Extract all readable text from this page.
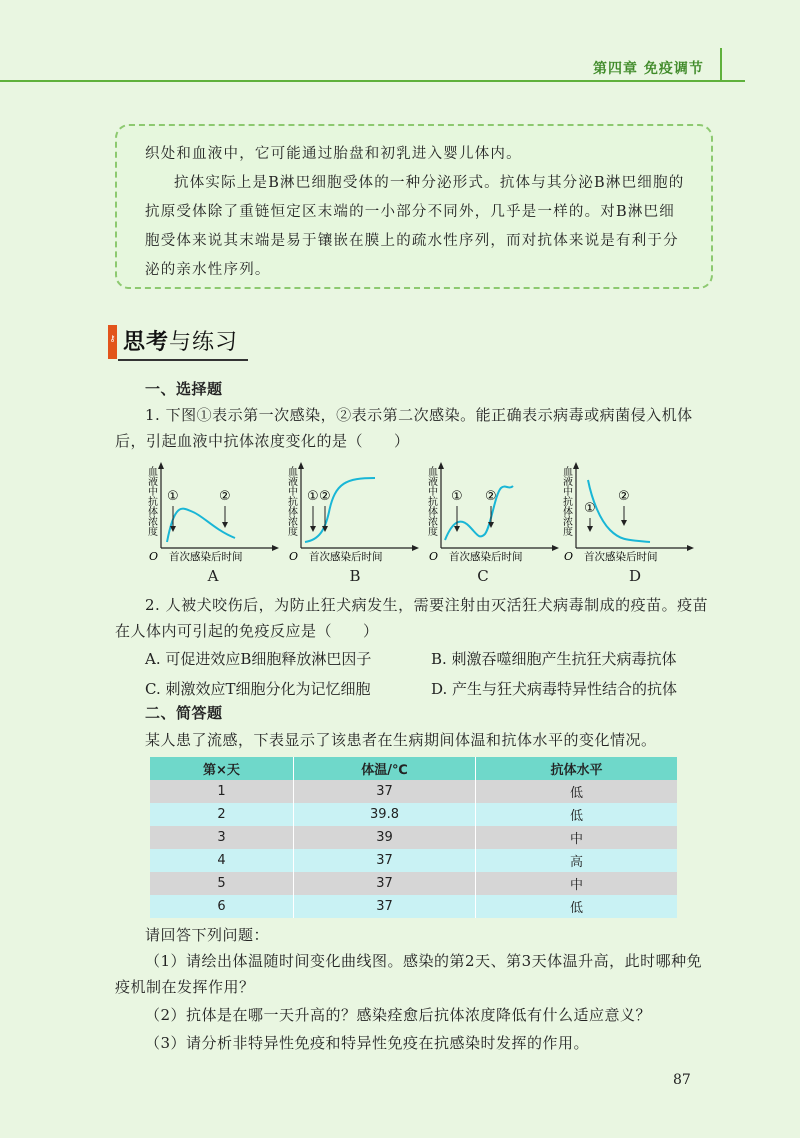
第四章 免疫调节

织处和血液中，它可能通过胎盘和初乳进入婴儿体内。

抗体实际上是B淋巴细胞受体的一种分泌形式。抗体与其分泌B淋巴细胞的抗原受体除了重链恒定区末端的一小部分不同外，几乎是一样的。对B淋巴细胞受体来说其末端是易于镶嵌在膜上的疏水性序列，而对抗体来说是有利于分泌的亲水性序列。

⚷ 思考与练习
一、选择题
1. 下图①表示第一次感染，②表示第二次感染。能正确表示病毒或病菌侵入机体后，引起血液中抗体浓度变化的是（　　）
血液中抗体浓度
O 首次感染后时间
①	②	血液中抗体浓度
O 首次感染后时间
① ②	血液中抗体浓度
O 首次感染后时间
① ②	血液中抗体浓度
O 首次感染后时间
①
②
A	B	C	D
2. 人被犬咬伤后，为防止狂犬病发生，需要注射由灭活狂犬病毒制成的疫苗。疫苗在人体内可引起的免疫反应是（　　）
A. 可促进效应B细胞释放淋巴因子	B. 刺激吞噬细胞产生抗狂犬病毒抗体
C. 刺激效应T细胞分化为记忆细胞	D. 产生与狂犬病毒特异性结合的抗体
二、简答题
某人患了流感，下表显示了该患者在生病期间体温和抗体水平的变化情况。
第×天	体温/℃	抗体水平
1	37	低
2	39.8	低
3	39	中
4	37	高
5	37	中
6	37	低
请回答下列问题：
（1）请绘出体温随时间变化曲线图。感染的第2天、第3天体温升高，此时哪种免疫机制在发挥作用？
（2）抗体是在哪一天升高的？感染痊愈后抗体浓度降低有什么适应意义？
（3）请分析非特异性免疫和特异性免疫在抗感染时发挥的作用。
87
